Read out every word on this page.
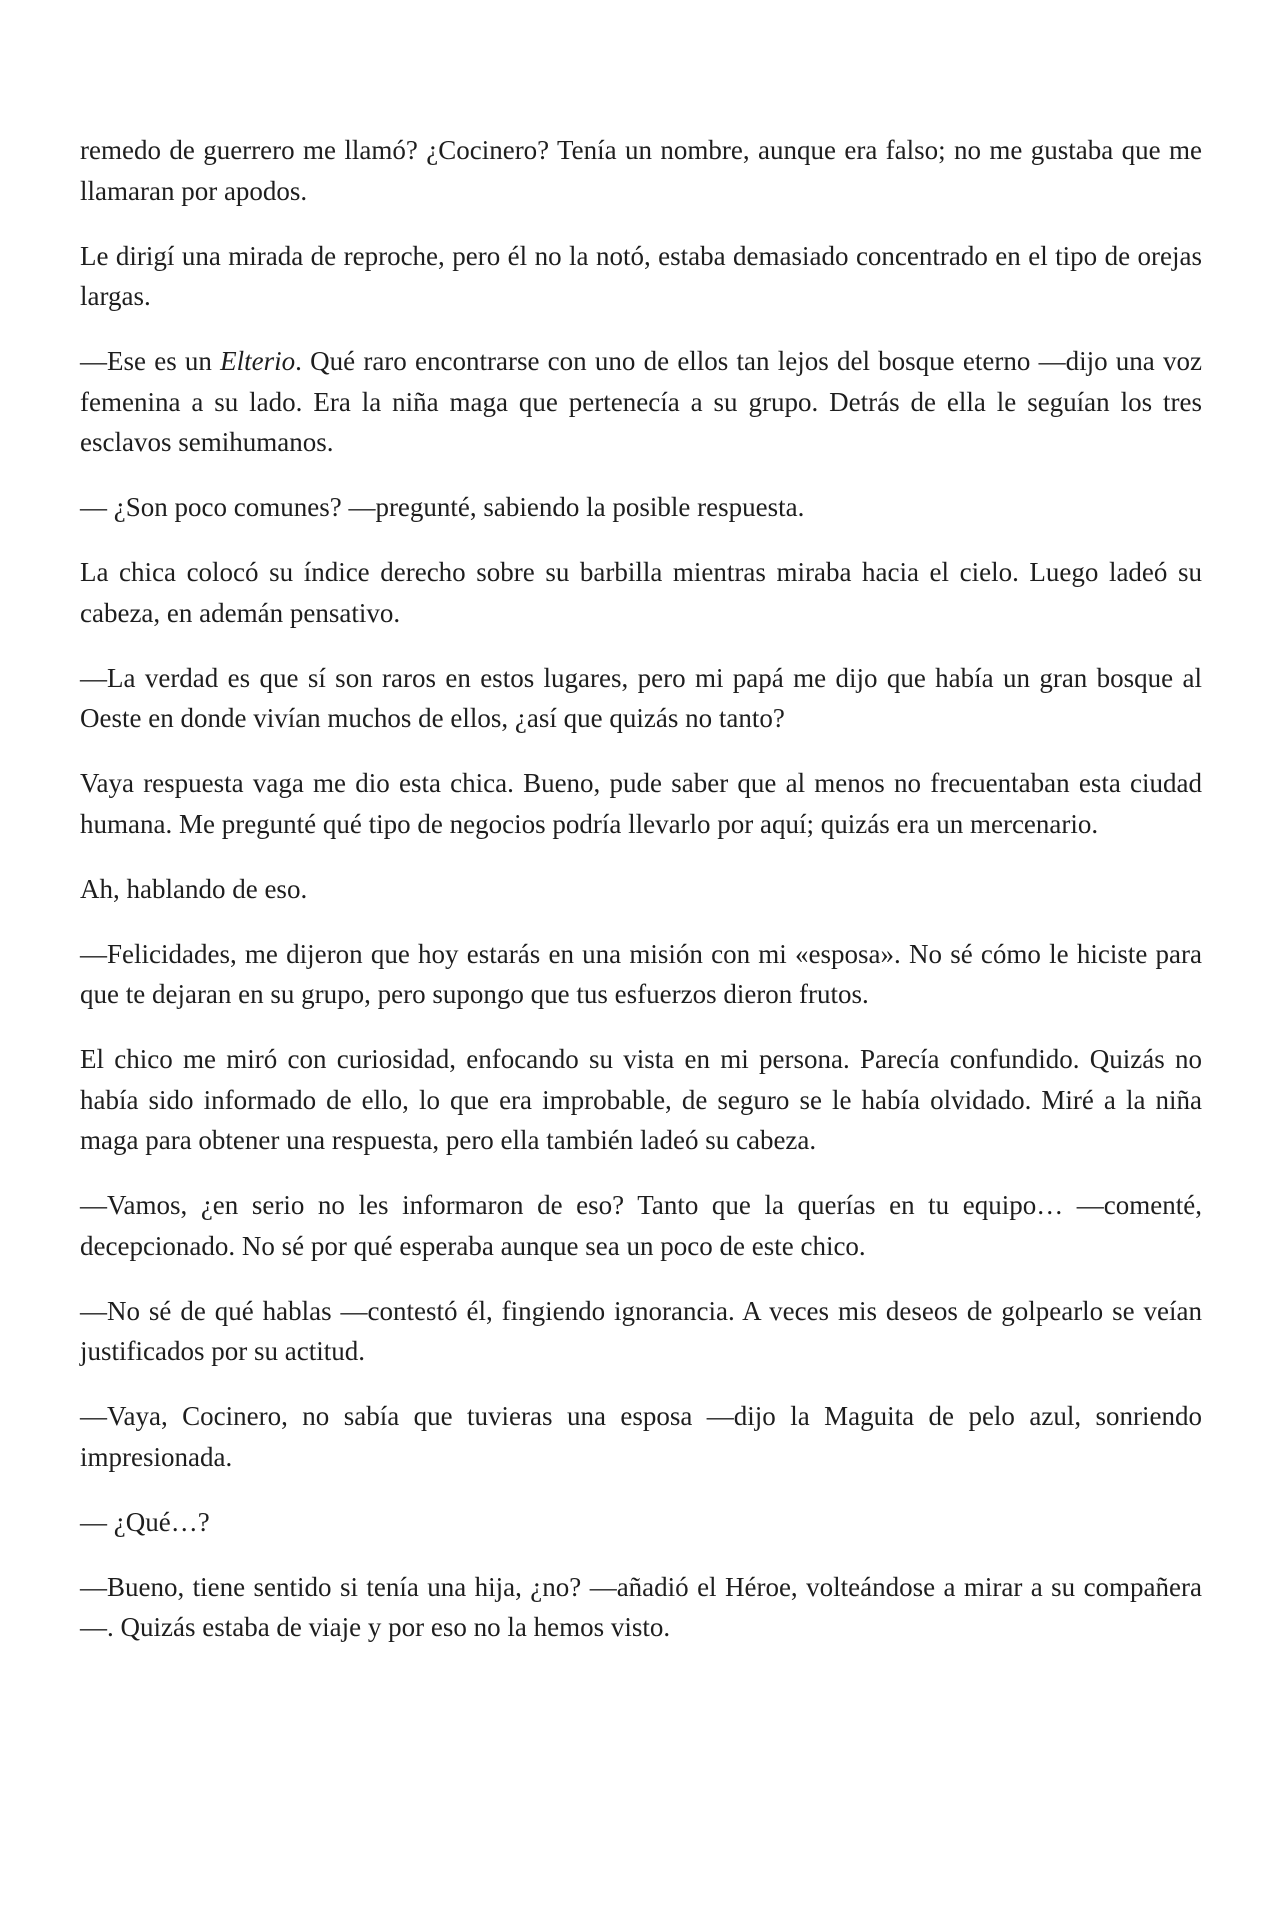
remedo de guerrero me llamó? ¿Cocinero? Tenía un nombre, aunque era falso; no me gustaba que me llamaran por apodos.

Le dirigí una mirada de reproche, pero él no la notó, estaba demasiado concentrado en el tipo de orejas largas.

—Ese es un Elterio. Qué raro encontrarse con uno de ellos tan lejos del bosque eterno —dijo una voz femenina a su lado. Era la niña maga que pertenecía a su grupo. Detrás de ella le seguían los tres esclavos semihumanos.

— ¿Son poco comunes? —pregunté, sabiendo la posible respuesta.

La chica colocó su índice derecho sobre su barbilla mientras miraba hacia el cielo. Luego ladeó su cabeza, en ademán pensativo.

—La verdad es que sí son raros en estos lugares, pero mi papá me dijo que había un gran bosque al Oeste en donde vivían muchos de ellos, ¿así que quizás no tanto?

Vaya respuesta vaga me dio esta chica. Bueno, pude saber que al menos no frecuentaban esta ciudad humana. Me pregunté qué tipo de negocios podría llevarlo por aquí; quizás era un mercenario.

Ah, hablando de eso.

—Felicidades, me dijeron que hoy estarás en una misión con mi «esposa». No sé cómo le hiciste para que te dejaran en su grupo, pero supongo que tus esfuerzos dieron frutos.

El chico me miró con curiosidad, enfocando su vista en mi persona. Parecía confundido. Quizás no había sido informado de ello, lo que era improbable, de seguro se le había olvidado. Miré a la niña maga para obtener una respuesta, pero ella también ladeó su cabeza.

—Vamos, ¿en serio no les informaron de eso? Tanto que la querías en tu equipo… —comenté, decepcionado. No sé por qué esperaba aunque sea un poco de este chico.

—No sé de qué hablas —contestó él, fingiendo ignorancia. A veces mis deseos de golpearlo se veían justificados por su actitud.

—Vaya, Cocinero, no sabía que tuvieras una esposa —dijo la Maguita de pelo azul, sonriendo impresionada.

— ¿Qué…?

—Bueno, tiene sentido si tenía una hija, ¿no? —añadió el Héroe, volteándose a mirar a su compañera—. Quizás estaba de viaje y por eso no la hemos visto.
